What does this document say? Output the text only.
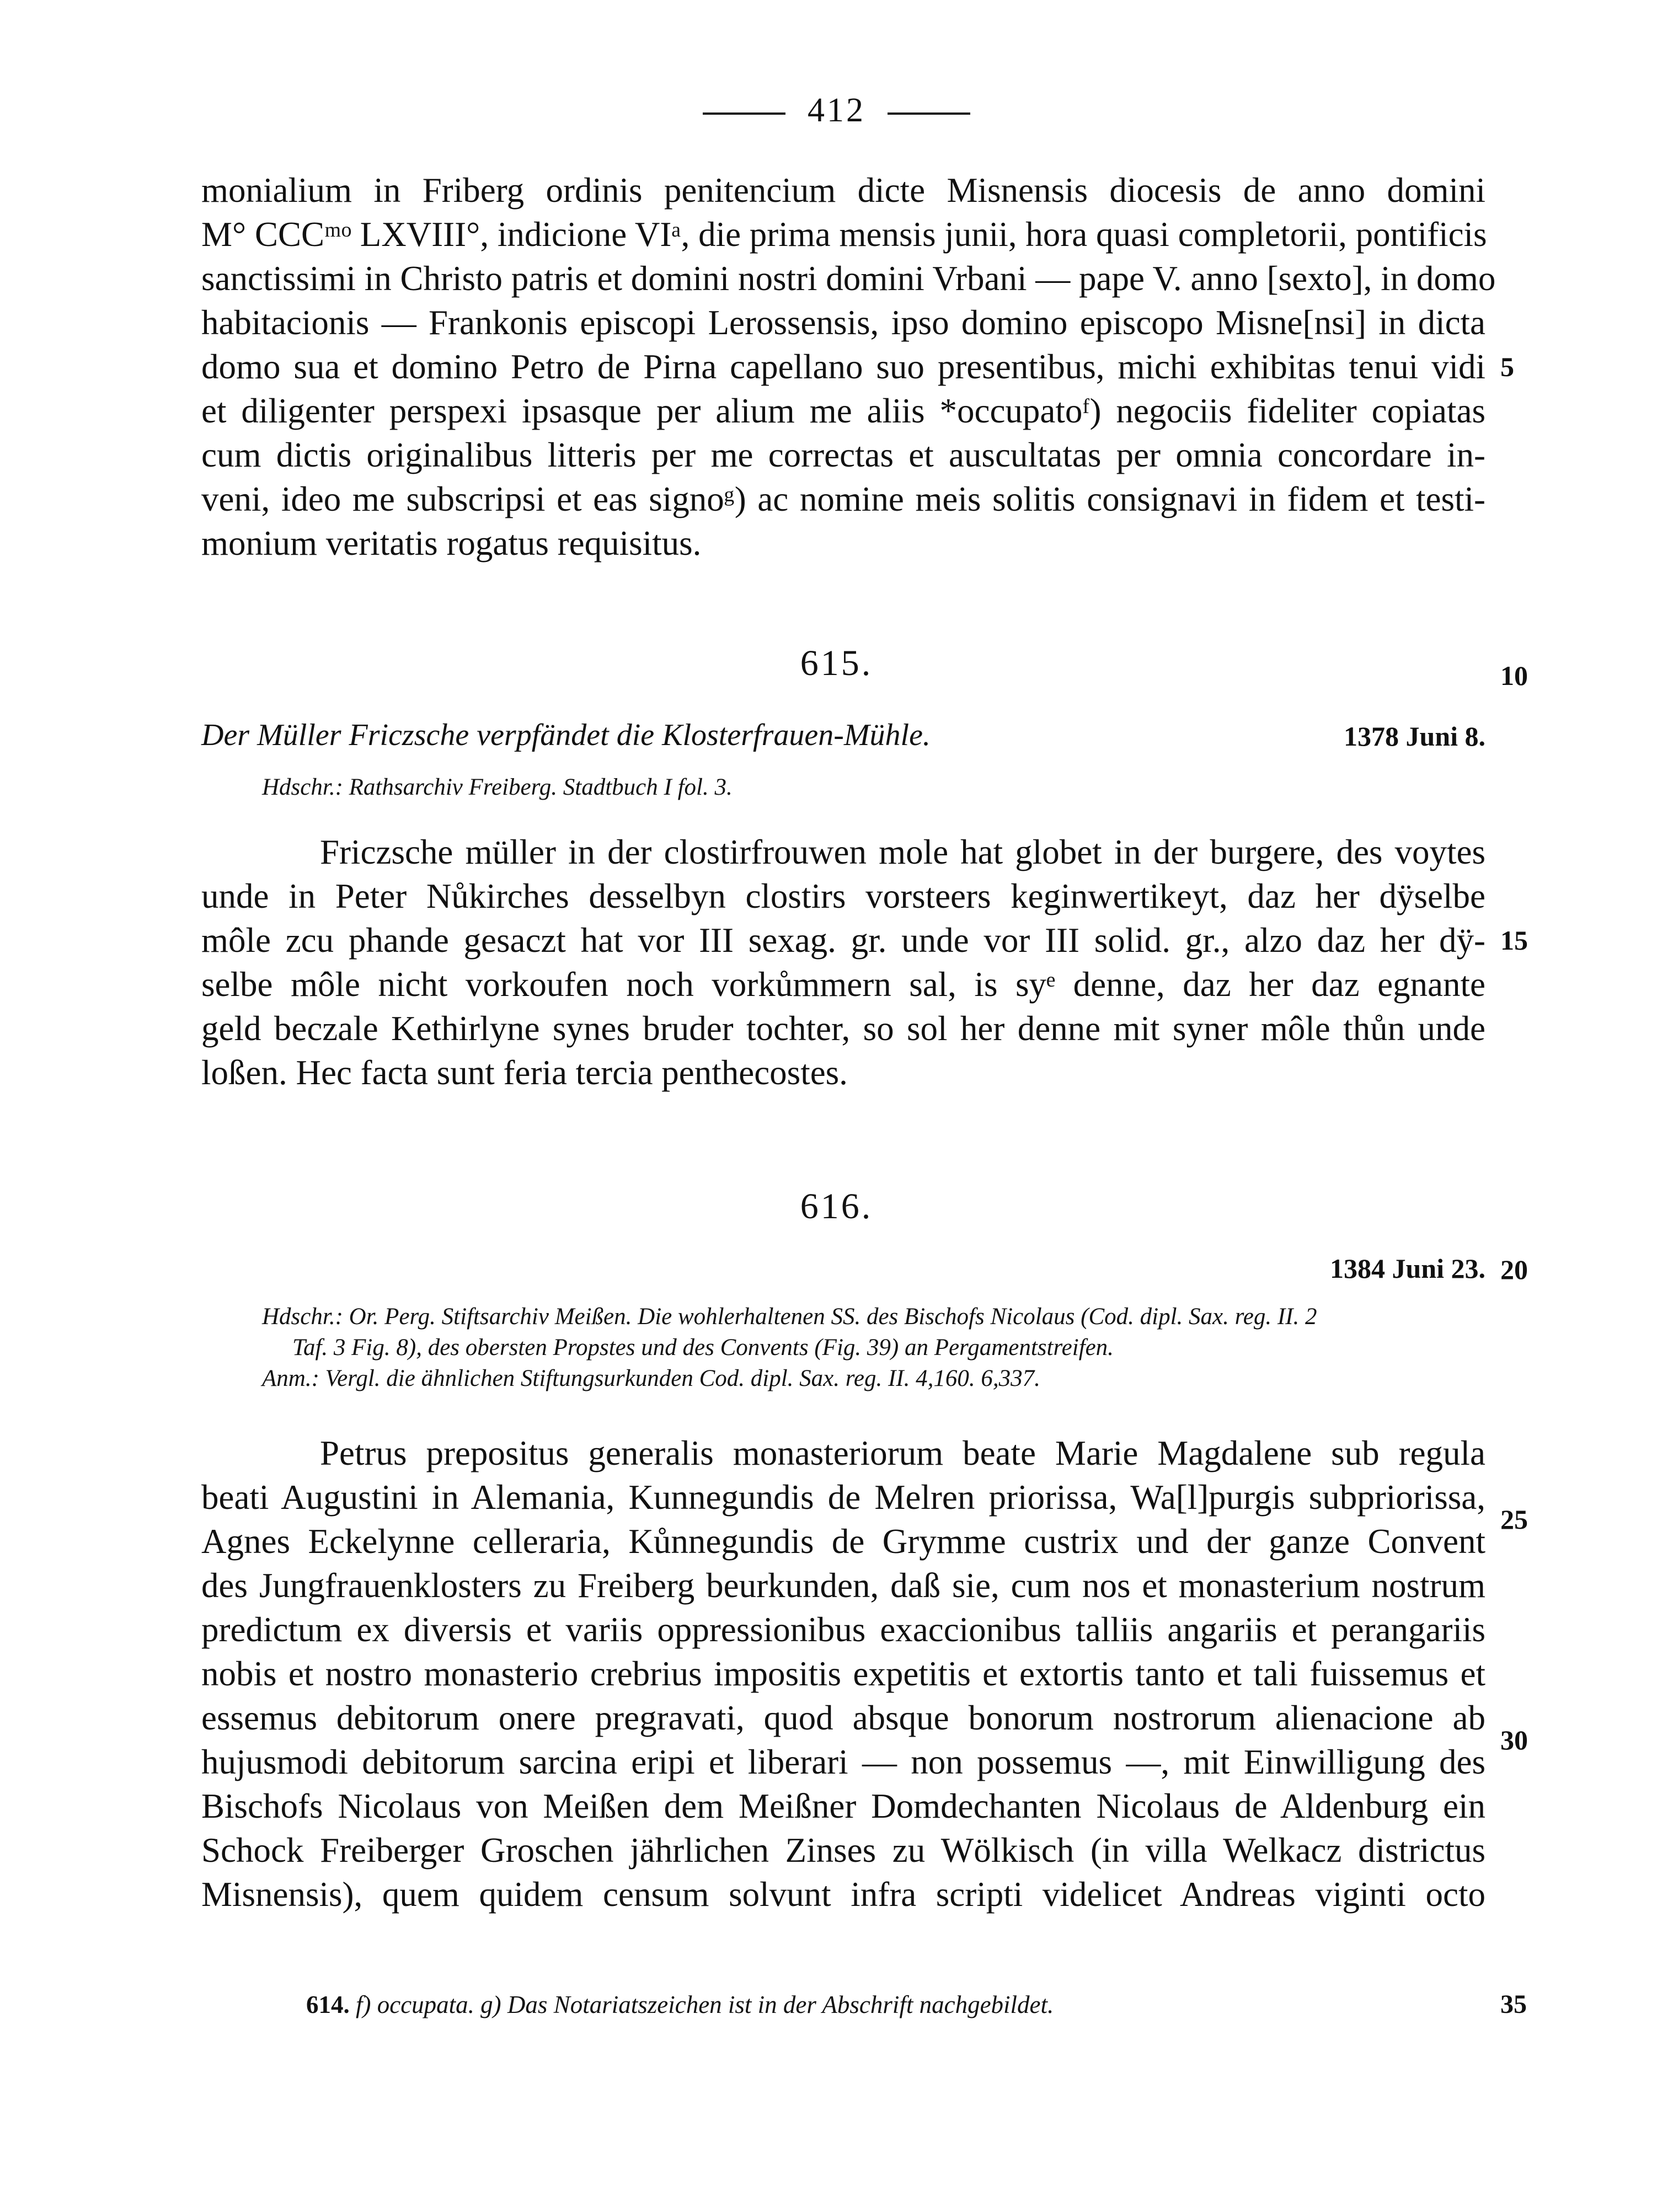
412
monialium in Friberg ordinis penitencium dicte Misnensis diocesis de anno domini
M° CCCᵐᵒ LXVIII°, indicione VIᵃ, die prima mensis junii, hora quasi completorii, pontificis
sanctissimi in Christo patris et domini nostri domini Vrbani — pape V. anno [sexto], in domo
habitacionis — Frankonis episcopi Lerossensis, ipso domino episcopo Misne[nsi] in dicta
domo sua et domino Petro de Pirna capellano suo presentibus, michi exhibitas tenui vidi
et diligenter perspexi ipsasque per alium me aliis *occupatoᶠ) negociis fideliter copiatas
cum dictis originalibus litteris per me correctas et auscultatas per omnia concordare in-
veni, ideo me subscripsi et eas signoᵍ) ac nomine meis solitis consignavi in fidem et testi-
monium veritatis rogatus requisitus.
5
615.	10
Der Müller Friczsche verpfändet die Klosterfrauen-Mühle.	1378 Juni 8.
Hdschr.: Rathsarchiv Freiberg. Stadtbuch I fol. 3.
Friczsche müller in der clostirfrouwen mole hat globet in der burgere, des voytes
unde in Peter Nůkirches desselbyn clostirs vorsteers keginwertikeyt, daz her dÿselbe
môle zcu phande gesaczt hat vor III sexag. gr. unde vor III solid. gr., alzo daz her dÿ-
selbe môle nicht vorkoufen noch vorkůmmern sal, is syᵉ denne, daz her daz egnante
geld beczale Kethirlyne synes bruder tochter, so sol her denne mit syner môle thůn unde
loßen. Hec facta sunt feria tercia penthecostes.
15
616.
1384 Juni 23. 20
Hdschr.: Or. Perg. Stiftsarchiv Meißen. Die wohlerhaltenen SS. des Bischofs Nicolaus (Cod. dipl. Sax. reg. II. 2
Taf. 3 Fig. 8), des obersten Propstes und des Convents (Fig. 39) an Pergamentstreifen.
Anm.: Vergl. die ähnlichen Stiftungsurkunden Cod. dipl. Sax. reg. II. 4,160. 6,337.
Petrus prepositus generalis monasteriorum beate Marie Magdalene sub regula
beati Augustini in Alemania, Kunnegundis de Melren priorissa, Wa[l]purgis subpriorissa,
Agnes Eckelynne celleraria, Kůnnegundis de Grymme custrix und der ganze Convent
des Jungfrauenklosters zu Freiberg beurkunden, daß sie, cum nos et monasterium nostrum
predictum ex diversis et variis oppressionibus exaccionibus talliis angariis et perangariis
nobis et nostro monasterio crebrius impositis expetitis et extortis tanto et tali fuissemus et
essemus debitorum onere pregravati, quod absque bonorum nostrorum alienacione ab
hujusmodi debitorum sarcina eripi et liberari — non possemus —, mit Einwilligung des
Bischofs Nicolaus von Meißen dem Meißner Domdechanten Nicolaus de Aldenburg ein
Schock Freiberger Groschen jährlichen Zinses zu Wölkisch (in villa Welkacz districtus
Misnensis), quem quidem censum solvunt infra scripti videlicet Andreas viginti octo
25
30
614. f) occupata. g) Das Notariatszeichen ist in der Abschrift nachgebildet.	35
